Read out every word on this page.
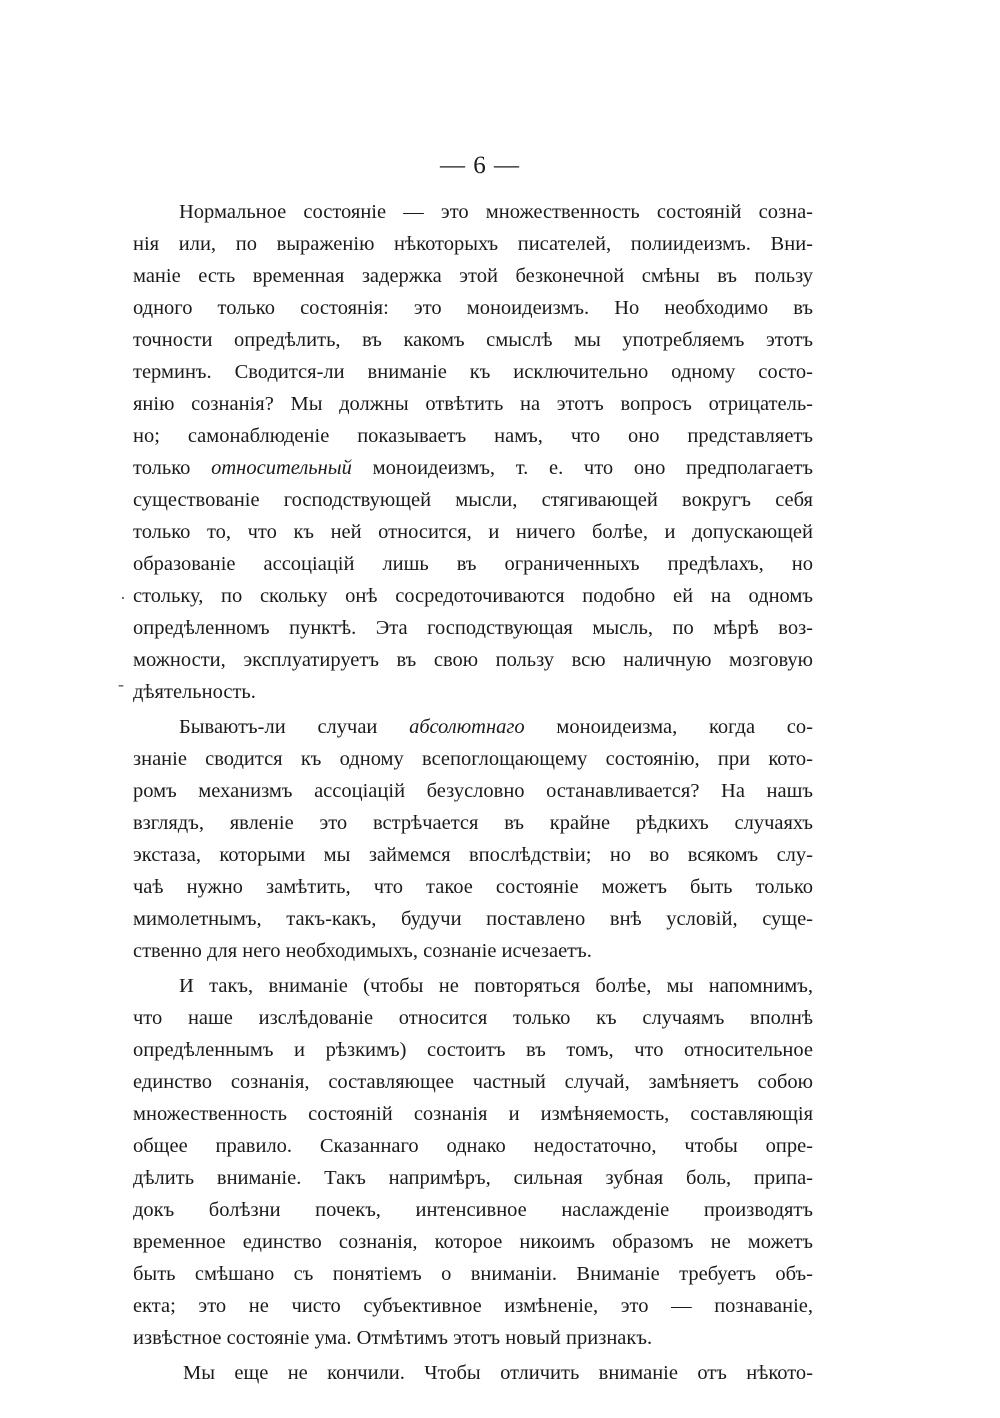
— 6 —
Нормальное состоянiе — это множественность состоянiй созна-
нiя или, по выраженiю нѣкоторыхъ писателей, полиидеизмъ. Вни-
манiе есть временная задержка этой безконечной смѣны въ пользу
одного только состоянiя: это моноидеизмъ. Но необходимо въ
точности опредѣлить, въ какомъ смыслѣ мы употребляемъ этотъ
терминъ. Сводится-ли вниманiе къ исключительно одному состо-
янiю сознанiя? Мы должны отвѣтить на этотъ вопросъ отрицатель-
но; самонаблюденiе показываетъ намъ, что оно представляетъ
только относительный моноидеизмъ, т. е. что оно предполагаетъ
существованiе господствующей мысли, стягивающей вокругъ себя
только то, что къ ней относится, и ничего болѣе, и допускающей
образованiе ассоцiацiй лишь въ ограниченныхъ предѣлахъ, но
стольку, по скольку онѣ сосредоточиваются подобно ей на одномъ
опредѣленномъ пунктѣ. Эта господствующая мысль, по мѣрѣ воз-
можности, эксплуатируетъ въ свою пользу всю наличную мозговую
дѣятельность.
Бываютъ-ли случаи абсолютнаго моноидеизма, когда со-
знанiе сводится къ одному всепоглощающему состоянiю, при кото-
ромъ механизмъ ассоцiацiй безусловно останавливается? На нашъ
взглядъ, явленiе это встрѣчается въ крайне рѣдкихъ случаяхъ
экстаза, которыми мы займемся впослѣдствiи; но во всякомъ слу-
чаѣ нужно замѣтить, что такое состоянiе можетъ быть только
мимолетнымъ, такъ-какъ, будучи поставлено внѣ условiй, суще-
ственно для него необходимыхъ, сознанiе исчезаетъ.
И такъ, вниманiе (чтобы не повторяться болѣе, мы напомнимъ,
что наше изслѣдованiе относится только къ случаямъ вполнѣ
опредѣленнымъ и рѣзкимъ) состоитъ въ томъ, что относительное
единство сознанiя, составляющее частный случай, замѣняетъ собою
множественность состоянiй сознанiя и измѣняемость, составляющiя
общее правило. Сказаннаго однако недостаточно, чтобы опре-
дѣлить вниманiе. Такъ напримѣръ, сильная зубная боль, припа-
докъ болѣзни почекъ, интенсивное наслажденiе производятъ
временное единство сознанiя, которое никоимъ образомъ не можетъ
быть смѣшано съ понятiемъ о вниманiи. Вниманiе требуетъ объ-
екта; это не чисто субъективное измѣненiе, это — познаванiе,
извѣстное состоянiе ума. Отмѣтимъ этотъ новый признакъ.
Мы еще не кончили. Чтобы отличить вниманiе отъ нѣкото-
·
-
